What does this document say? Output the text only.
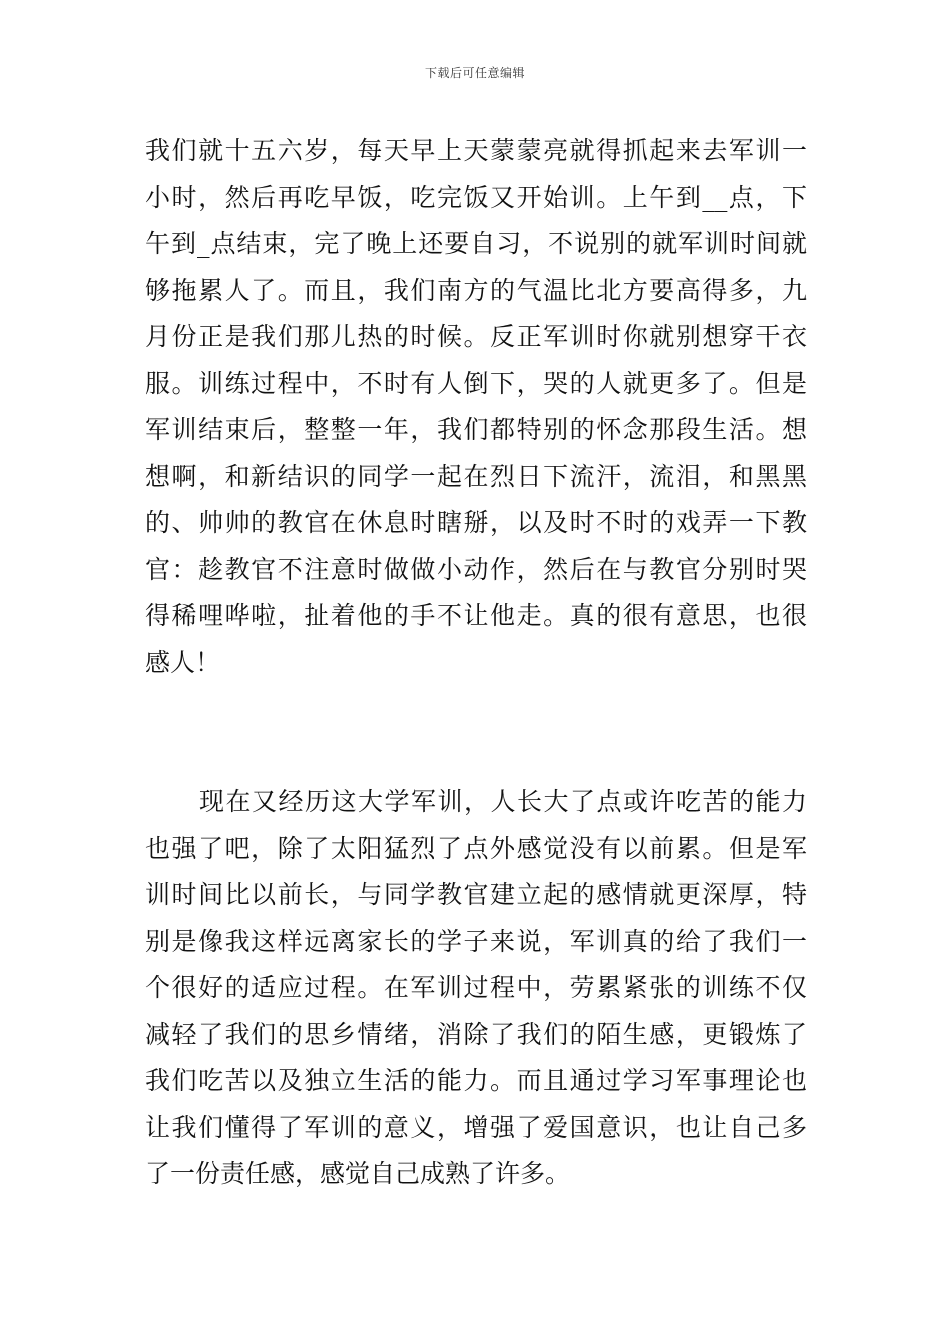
下载后可任意编辑
我们就十五六岁，每天早上天蒙蒙亮就得抓起来去军训一
小时，然后再吃早饭，吃完饭又开始训。上午到__点，下
午到_点结束，完了晚上还要自习，不说别的就军训时间就
够拖累人了。而且，我们南方的气温比北方要高得多，九
月份正是我们那儿热的时候。反正军训时你就别想穿干衣
服。训练过程中，不时有人倒下，哭的人就更多了。但是
军训结束后，整整一年，我们都特别的怀念那段生活。想
想啊，和新结识的同学一起在烈日下流汗，流泪，和黑黑
的、帅帅的教官在休息时瞎掰，以及时不时的戏弄一下教
官：趁教官不注意时做做小动作，然后在与教官分别时哭
得稀哩哗啦，扯着他的手不让他走。真的很有意思，也很
感人！
现在又经历这大学军训，人长大了点或许吃苦的能力
也强了吧，除了太阳猛烈了点外感觉没有以前累。但是军
训时间比以前长，与同学教官建立起的感情就更深厚，特
别是像我这样远离家长的学子来说，军训真的给了我们一
个很好的适应过程。在军训过程中，劳累紧张的训练不仅
减轻了我们的思乡情绪，消除了我们的陌生感，更锻炼了
我们吃苦以及独立生活的能力。而且通过学习军事理论也
让我们懂得了军训的意义，增强了爱国意识，也让自己多
了一份责任感，感觉自己成熟了许多。
